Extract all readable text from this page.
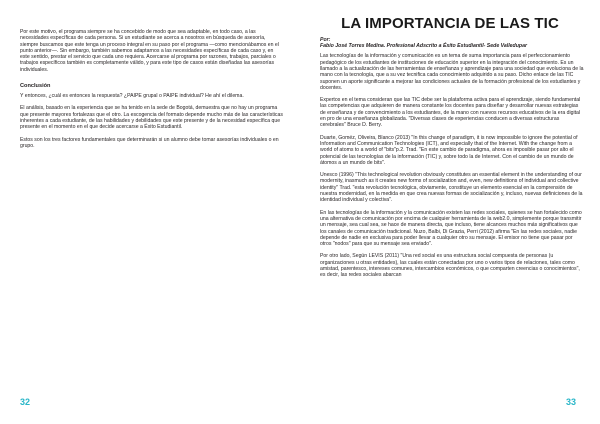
Por este motivo, el programa siempre se ha concebido de modo que sea adaptable, en todo caso, a las necesidades específicas de cada persona. Si un estudiante se acerca a nosotros en búsqueda de asesoría, siempre buscamos que este tenga un proceso integral en su paso por el programa —como mencionábamos en el punto anterior—. Sin embargo, también sabemos adaptarnos a las necesidades específicas de cada caso y, en este sentido, prestar el servicio que cada uno requiera. Acercarse al programa por razones, trabajos, parciales o trabajos específicos también es completamente válido, y para este tipo de casos están diseñadas las asesorías individuales.

Conclusión

Y entonces, ¿cuál es entonces la respuesta? ¿PAIPE grupal o PAIPE individual? He ahí el dilema.

El análisis, basado en la experiencia que se ha tenido en la sede de Bogotá, demuestra que no hay un programa que presente mayores fortalezas que el otro. La escogencia del formato depende mucho más de las características inherentes a cada estudiante, de las habilidades y debilidades que este presente y de la necesidad específica que presente en el momento en el que decide acercarse a Éxito Estudiantil.

Estos son los tres factores fundamentales que determinarán si un alumno debe tomar asesorías individuales o en grupo.

32
LA IMPORTANCIA DE LAS TIC
Por:
Fabio José Torres Medina. Profesional Adscrito a Éxito Estudiantil- Sede Valledupar

Las tecnologías de la información y comunicación es un tema de suma importancia para el perfeccionamiento pedagógico de los estudiantes de instituciones de educación superior en la integración del conocimiento. Es un llamado a la actualización de las herramientas de enseñanza y aprendizaje para una sociedad que evoluciona de la mano con la tecnología, que a su vez tecnifica cada conocimiento adquirido a su paso. Dicho enlace de las TIC suponen un aporte significante a mejorar las condiciones actuales de la formación profesional de los estudiantes y docentes.

Expertos en el tema consideran que las TIC debe ser la plataforma activa para el aprendizaje, siendo fundamental las competencias que adquieren de manera constante los docentes para diseñar y desarrollar nuevas estrategias de enseñanza y de convencimiento a los estudiantes, de la mano con nuevos recursos educativos de la era digital en pro de una enseñanza globalizada. "Diversas clases de experiencias conducen a diversas estructuras cerebrales" Bruce D. Berry.

Duarte, Goméz, Oliveira, Blanco (2013) "In this change of paradigm, it is now impossible to ignore the potential of Information and Communication Technologies (ICT), and especially that of the Internet. With the change from a world of atoms to a world of "bits"p.2. Trad. "En este cambio de paradigma, ahora es imposible pasar por alto el potencial de las tecnologías de la información (TIC) y, sobre todo la de Internet. Con el cambio de un mundo de átomos a un mundo de bits".

Unesco (1996) "This technological revolution obviously constitutes an essential element in the understanding of our modernity, inasmuch as it creates new forms of socialization and, even, new definitions of individual and collective identity" Trad. "esta revolución tecnológica, obviamente, constituye un elemento esencial en la comprensión de nuestra modernidad, en la medida en que crea nuevas formas de socialización y, incluso, nuevas definiciones de la identidad individual y colectiva".

En las tecnologías de la información y la comunicación existen las redes sociales, quienes se han fortalecido como una alternativa de comunicación por encima de cualquier herramienta de la web2.0, simplemente porque transmitir un mensaje, sea cual sea, se hace de manera directa, que incluso, tiene alcances muchos más significativos que los canales de comunicación tradicional. Nuzo, Balbi, Di Grazia, Perri (2012) afirma "En las redes sociales, nadie depende de nadie en exclusiva para poder llevar a cualquier otro su mensaje. El emisor no tiene que pasar por otros "nodos" para que su mensaje sea enviado".

Por otro lado, Según LEVIS (2011) "Una red social es una estructura social compuesta de personas (u organizaciones u otras entidades), las cuales están conectadas por uno o varios tipos de relaciones, tales como amistad, parentesco, intereses comunes, intercambios económicos, o que comparten creencias o conocimientos", es decir, las redes sociales abarcan

33
